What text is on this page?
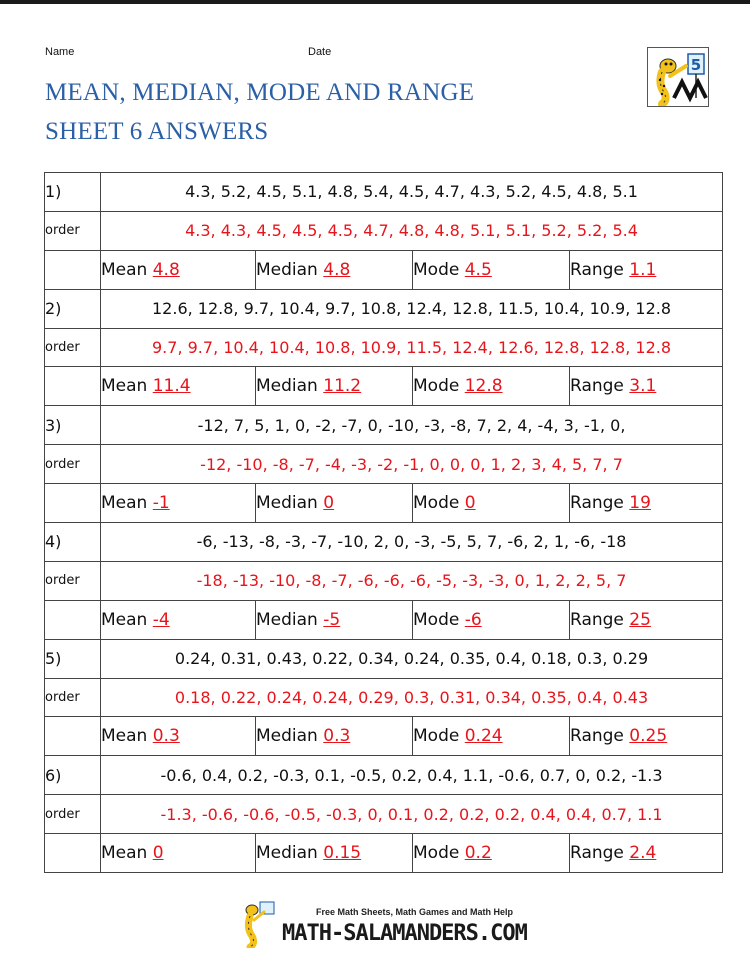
Name	Date
MEAN, MEDIAN, MODE AND RANGE
SHEET 6 ANSWERS
5
1)	4.3, 5.2, 4.5, 5.1, 4.8, 5.4, 4.5, 4.7, 4.3, 5.2, 4.5, 4.8, 5.1			
order	4.3, 4.3, 4.5, 4.5, 4.5, 4.7, 4.8, 4.8, 5.1, 5.1, 5.2, 5.2, 5.4			
	Mean 4.8	Median 4.8	Mode 4.5	Range 1.1
2)	12.6, 12.8, 9.7, 10.4, 9.7, 10.8, 12.4, 12.8, 11.5, 10.4, 10.9, 12.8			
order	9.7, 9.7, 10.4, 10.4, 10.8, 10.9, 11.5, 12.4, 12.6, 12.8, 12.8, 12.8			
	Mean 11.4	Median 11.2	Mode 12.8	Range 3.1
3)	-12, 7, 5, 1, 0, -2, -7, 0, -10, -3, -8, 7, 2, 4, -4, 3, -1, 0,			
order	-12, -10, -8, -7, -4, -3, -2, -1, 0, 0, 0, 1, 2, 3, 4, 5, 7, 7			
	Mean -1	Median 0	Mode 0	Range 19
4)	-6, -13, -8, -3, -7, -10, 2, 0, -3, -5, 5, 7, -6, 2, 1, -6, -18			
order	-18, -13, -10, -8, -7, -6, -6, -6, -5, -3, -3, 0, 1, 2, 2, 5, 7			
	Mean -4	Median -5	Mode -6	Range 25
5)	0.24, 0.31, 0.43, 0.22, 0.34, 0.24, 0.35, 0.4, 0.18, 0.3, 0.29			
order	0.18, 0.22, 0.24, 0.24, 0.29, 0.3, 0.31, 0.34, 0.35, 0.4, 0.43			
	Mean 0.3	Median 0.3	Mode 0.24	Range 0.25
6)	-0.6, 0.4, 0.2, -0.3, 0.1, -0.5, 0.2, 0.4, 1.1, -0.6, 0.7, 0, 0.2, -1.3			
order	-1.3, -0.6, -0.6, -0.5, -0.3, 0, 0.1, 0.2, 0.2, 0.2, 0.4, 0.4, 0.7, 1.1			
	Mean 0	Median 0.15	Mode 0.2	Range 2.4
Free Math Sheets, Math Games and Math Help
MATH-SALAMANDERS.COM
